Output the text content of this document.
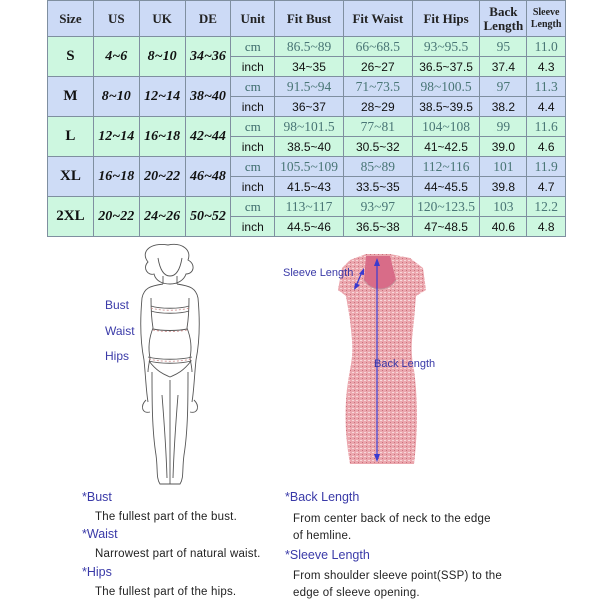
Size	US	UK	DE	Unit	Fit Bust	Fit Waist	Fit Hips	Back Length	Sleeve Length
S	4~6	8~10	34~36	cm	86.5~89	66~68.5	93~95.5	95	11.0
				inch	34~35	26~27	36.5~37.5	37.4	4.3
M	8~10	12~14	38~40	cm	91.5~94	71~73.5	98~100.5	97	11.3
				inch	36~37	28~29	38.5~39.5	38.2	4.4
L	12~14	16~18	42~44	cm	98~101.5	77~81	104~108	99	11.6
				inch	38.5~40	30.5~32	41~42.5	39.0	4.6
XL	16~18	20~22	46~48	cm	105.5~109	85~89	112~116	101	11.9
				inch	41.5~43	33.5~35	44~45.5	39.8	4.7
2XL	20~22	24~26	50~52	cm	113~117	93~97	120~123.5	103	12.2
				inch	44.5~46	36.5~38	47~48.5	40.6	4.8
Bust
Waist
Hips
Sleeve Length
Back Length
*Bust
The fullest part of the bust.
*Waist
Narrowest part of natural waist.
*Hips
The fullest part of the hips.
*Back Length
From center back of neck to the edge
of hemline.
*Sleeve Length
From shoulder sleeve point(SSP) to the
edge of sleeve opening.
